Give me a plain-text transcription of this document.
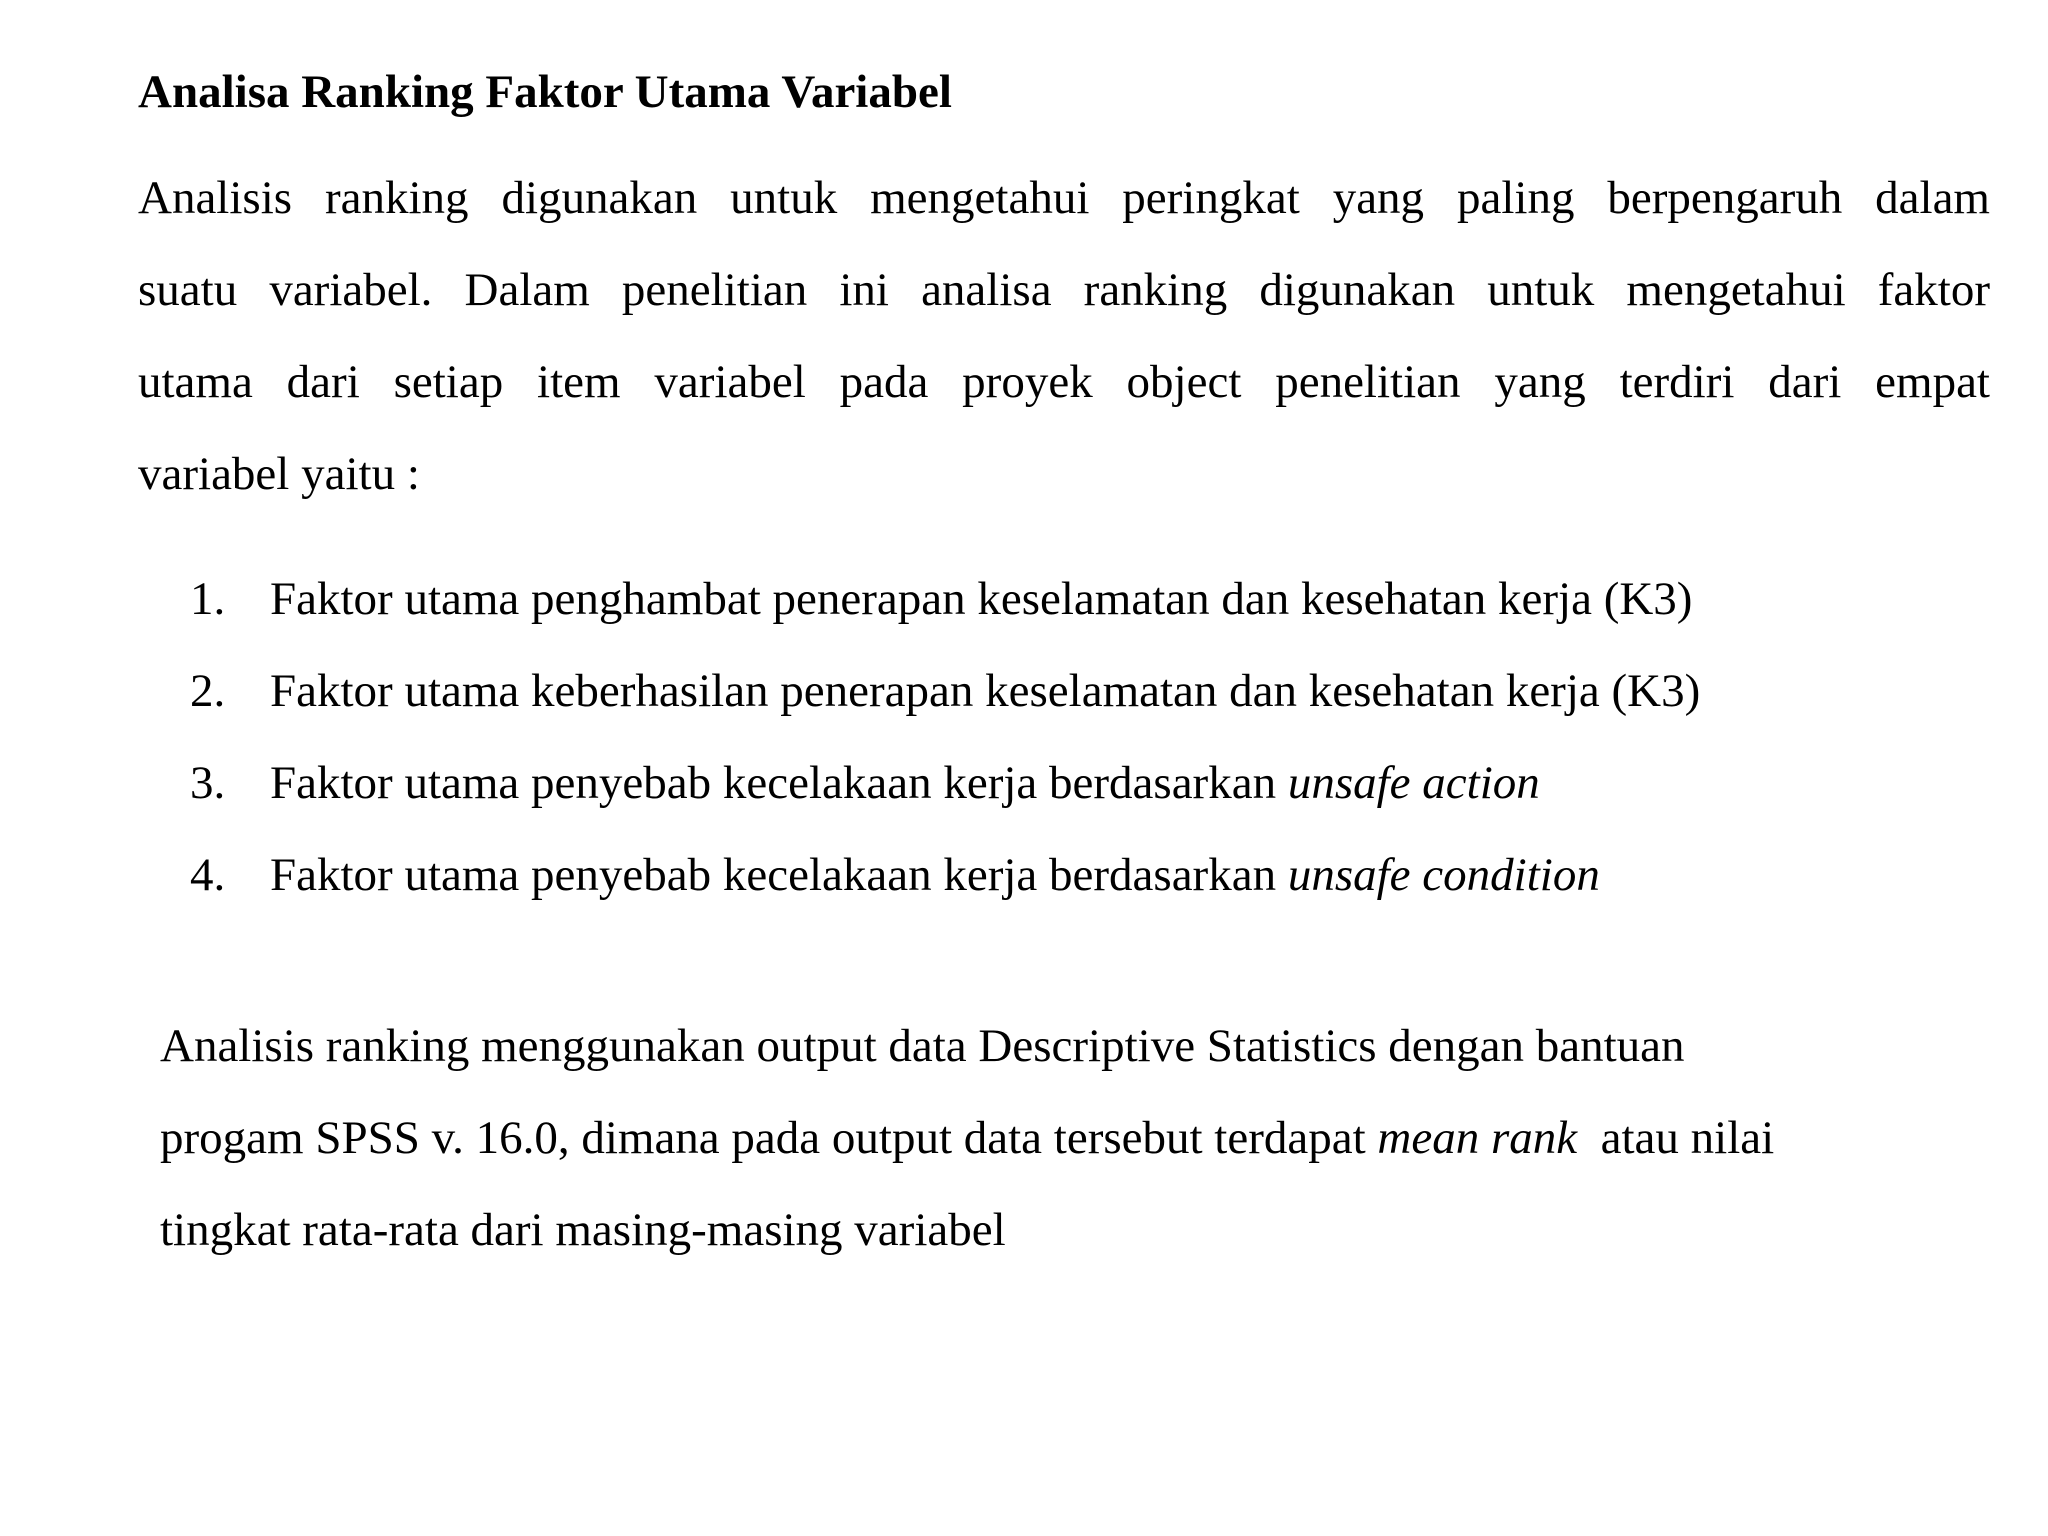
Analisa Ranking Faktor Utama Variabel

Analisis ranking digunakan untuk mengetahui peringkat yang paling berpengaruh dalam
suatu variabel. Dalam penelitian ini analisa ranking digunakan untuk mengetahui faktor
utama dari setiap item variabel pada proyek object penelitian yang terdiri dari empat
variabel yaitu :

1. Faktor utama penghambat penerapan keselamatan dan kesehatan kerja (K3)
2. Faktor utama keberhasilan penerapan keselamatan dan kesehatan kerja (K3)
3. Faktor utama penyebab kecelakaan kerja berdasarkan unsafe action
4. Faktor utama penyebab kecelakaan kerja berdasarkan unsafe condition

Analisis ranking menggunakan output data Descriptive Statistics dengan bantuan
progam SPSS v. 16.0, dimana pada output data tersebut terdapat mean rank  atau nilai
tingkat rata-rata dari masing-masing variabel
